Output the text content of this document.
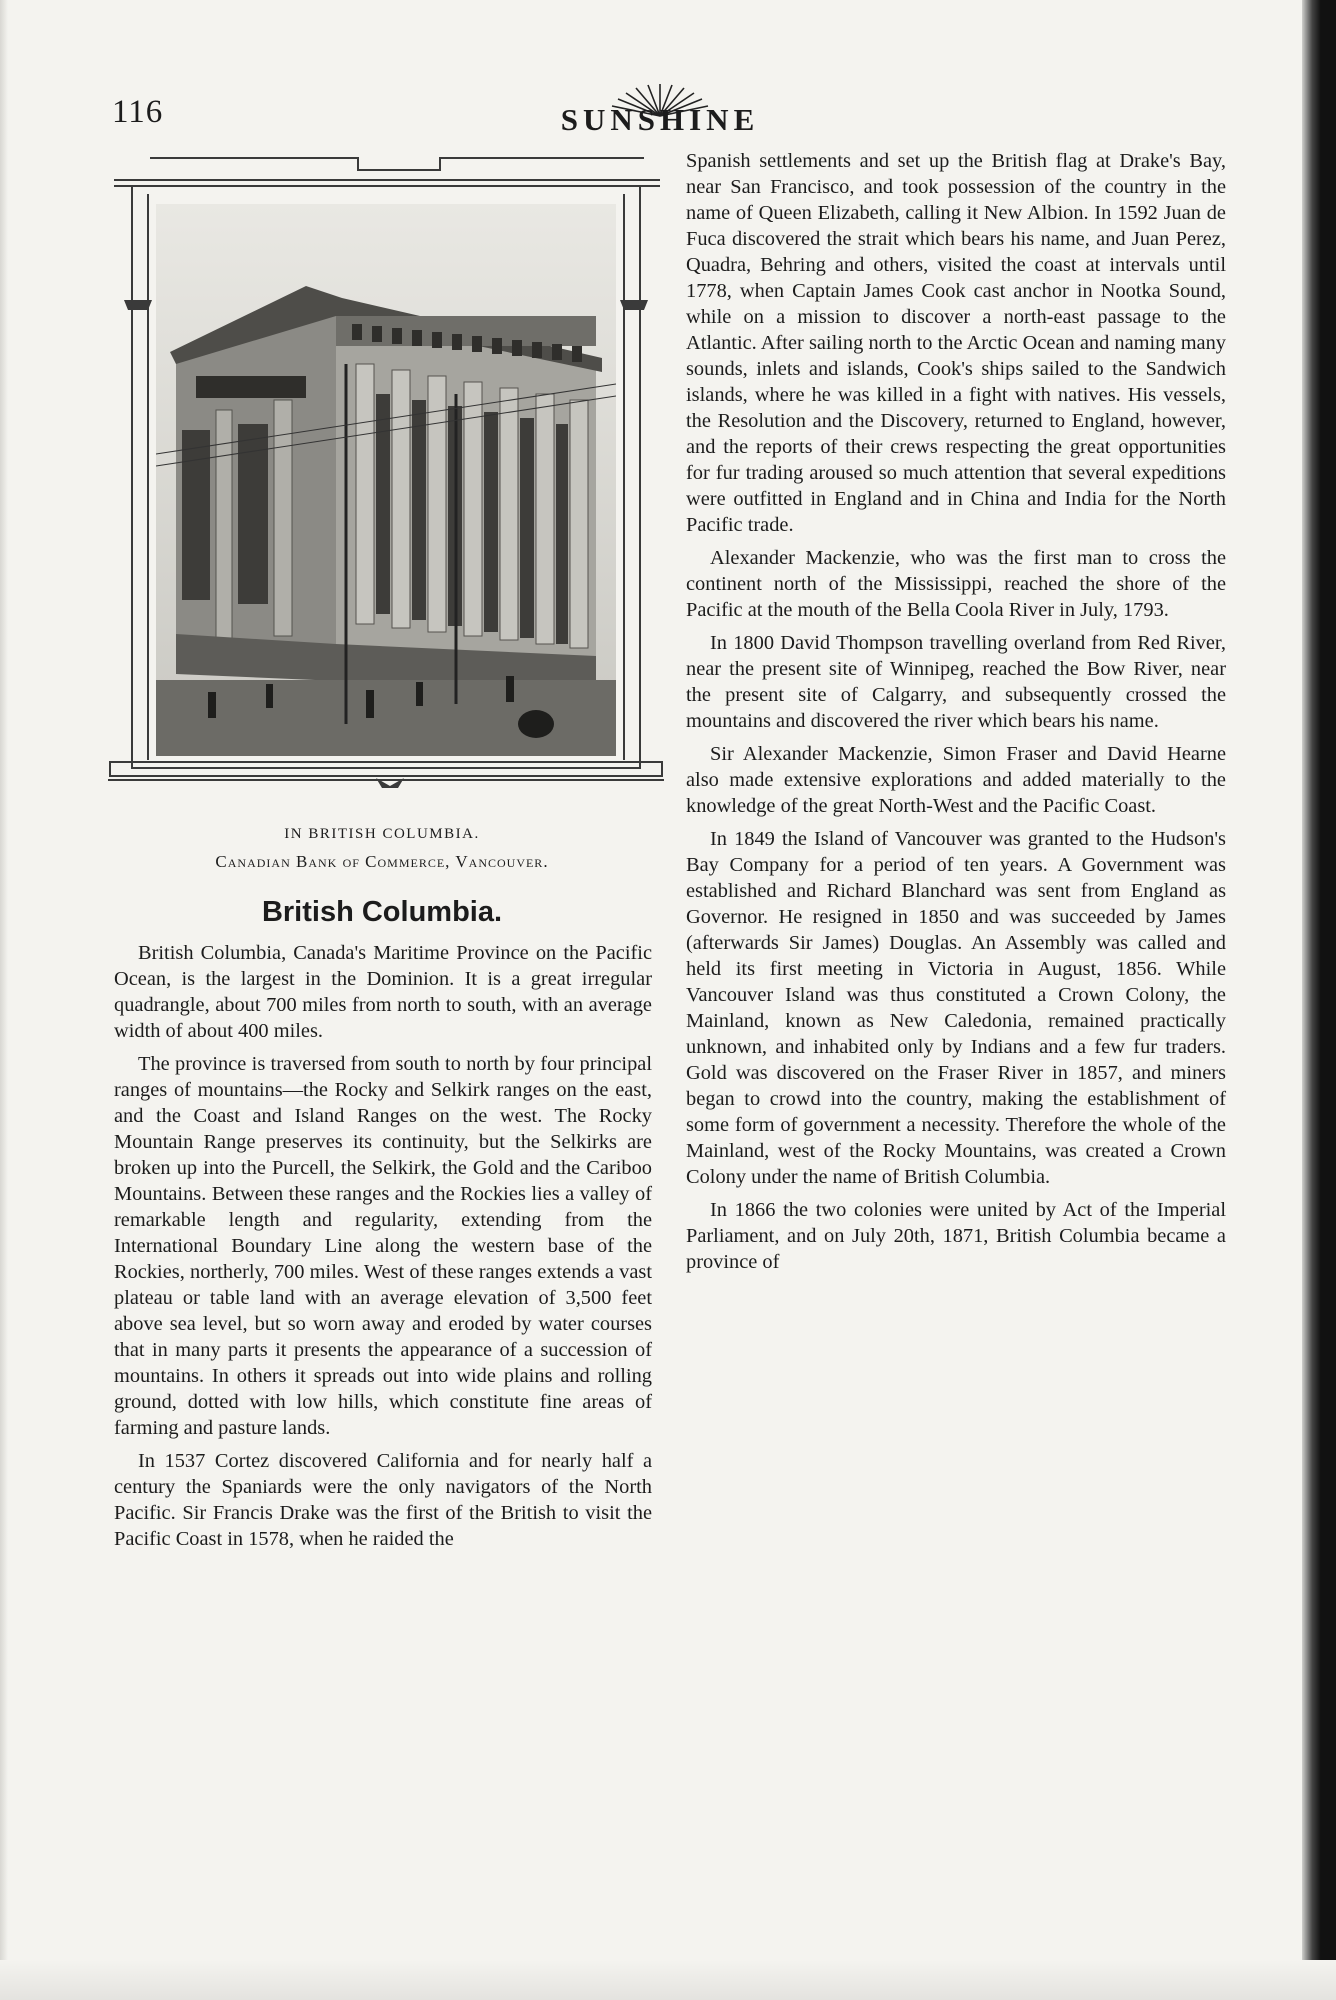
116	SUNSHINE
IN BRITISH COLUMBIA.
Canadian Bank of Commerce, Vancouver.
British Columbia.

British Columbia, Canada's Maritime Province on the Pacific Ocean, is the largest in the Dominion. It is a great irregular quadrangle, about 700 miles from north to south, with an average width of about 400 miles.

The province is traversed from south to north by four principal ranges of mountains—the Rocky and Selkirk ranges on the east, and the Coast and Island Ranges on the west. The Rocky Mountain Range preserves its continuity, but the Selkirks are broken up into the Purcell, the Selkirk, the Gold and the Cariboo Mountains. Between these ranges and the Rockies lies a valley of remarkable length and regularity, extending from the International Boundary Line along the western base of the Rockies, northerly, 700 miles. West of these ranges extends a vast plateau or table land with an average elevation of 3,500 feet above sea level, but so worn away and eroded by water courses that in many parts it presents the appearance of a succession of mountains. In others it spreads out into wide plains and rolling ground, dotted with low hills, which constitute fine areas of farming and pasture lands.

In 1537 Cortez discovered California and for nearly half a century the Spaniards were the only navigators of the North Pacific. Sir Francis Drake was the first of the British to visit the Pacific Coast in 1578, when he raided the

Spanish settlements and set up the British flag at Drake's Bay, near San Francisco, and took possession of the country in the name of Queen Elizabeth, calling it New Albion. In 1592 Juan de Fuca discovered the strait which bears his name, and Juan Perez, Quadra, Behring and others, visited the coast at intervals until 1778, when Captain James Cook cast anchor in Nootka Sound, while on a mission to discover a north-east passage to the Atlantic. After sailing north to the Arctic Ocean and naming many sounds, inlets and islands, Cook's ships sailed to the Sandwich islands, where he was killed in a fight with natives. His vessels, the Resolution and the Discovery, returned to England, however, and the reports of their crews respecting the great opportunities for fur trading aroused so much attention that several expeditions were outfitted in England and in China and India for the North Pacific trade.

Alexander Mackenzie, who was the first man to cross the continent north of the Mississippi, reached the shore of the Pacific at the mouth of the Bella Coola River in July, 1793.

In 1800 David Thompson travelling overland from Red River, near the present site of Winnipeg, reached the Bow River, near the present site of Calgarry, and subsequently crossed the mountains and discovered the river which bears his name.

Sir Alexander Mackenzie, Simon Fraser and David Hearne also made extensive explorations and added materially to the knowledge of the great North-West and the Pacific Coast.

In 1849 the Island of Vancouver was granted to the Hudson's Bay Company for a period of ten years. A Government was established and Richard Blanchard was sent from England as Governor. He resigned in 1850 and was succeeded by James (afterwards Sir James) Douglas. An Assembly was called and held its first meeting in Victoria in August, 1856. While Vancouver Island was thus constituted a Crown Colony, the Mainland, known as New Caledonia, remained practically unknown, and inhabited only by Indians and a few fur traders. Gold was discovered on the Fraser River in 1857, and miners began to crowd into the country, making the establishment of some form of government a necessity. Therefore the whole of the Mainland, west of the Rocky Mountains, was created a Crown Colony under the name of British Columbia.

In 1866 the two colonies were united by Act of the Imperial Parliament, and on July 20th, 1871, British Columbia became a province of
